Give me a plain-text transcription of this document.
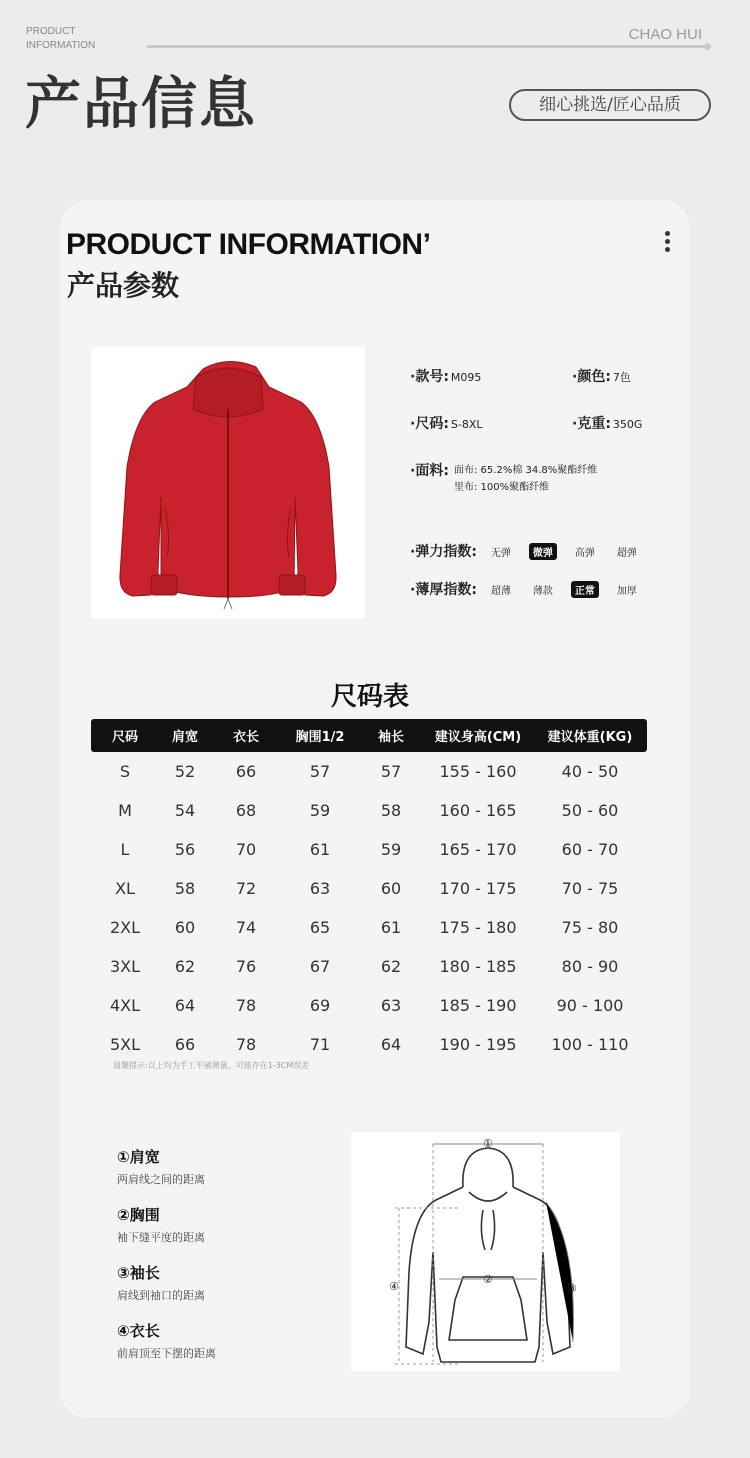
PRODUCT
INFORMATION
CHAO HUI
产品信息	细心挑选/匠心品质
PRODUCT INFORMATION’
产品参数
·款号: M095	·颜色: 7色
·尺码: S-8XL	·克重: 350G
·面料: 面布: 65.2%棉 34.8%聚酯纤维
里布: 100%聚酯纤维
·弹力指数:	无弹	微弹	高弹	超弹
·薄厚指数:	超薄	薄款	正常	加厚
尺码表
尺码	肩宽	衣长	胸围1/2	袖长	建议身高(CM)	建议体重(KG)
S	52	66	57	57	155 - 160	40 - 50
M	54	68	59	58	160 - 165	50 - 60
L	56	70	61	59	165 - 170	60 - 70
XL	58	72	63	60	170 - 175	70 - 75
2XL	60	74	65	61	175 - 180	75 - 80
3XL	62	76	67	62	180 - 185	80 - 90
4XL	64	78	69	63	185 - 190	90 - 100
5XL	66	78	71	64	190 - 195	100 - 110
温馨提示:以上均为手工平铺测量，可能存在1-3CM误差
①肩宽
两肩线之间的距离
②胸围
袖下缝平度的距离
③袖长
肩线到袖口的距离
④衣长
前肩顶至下摆的距离
①
②
③
④
